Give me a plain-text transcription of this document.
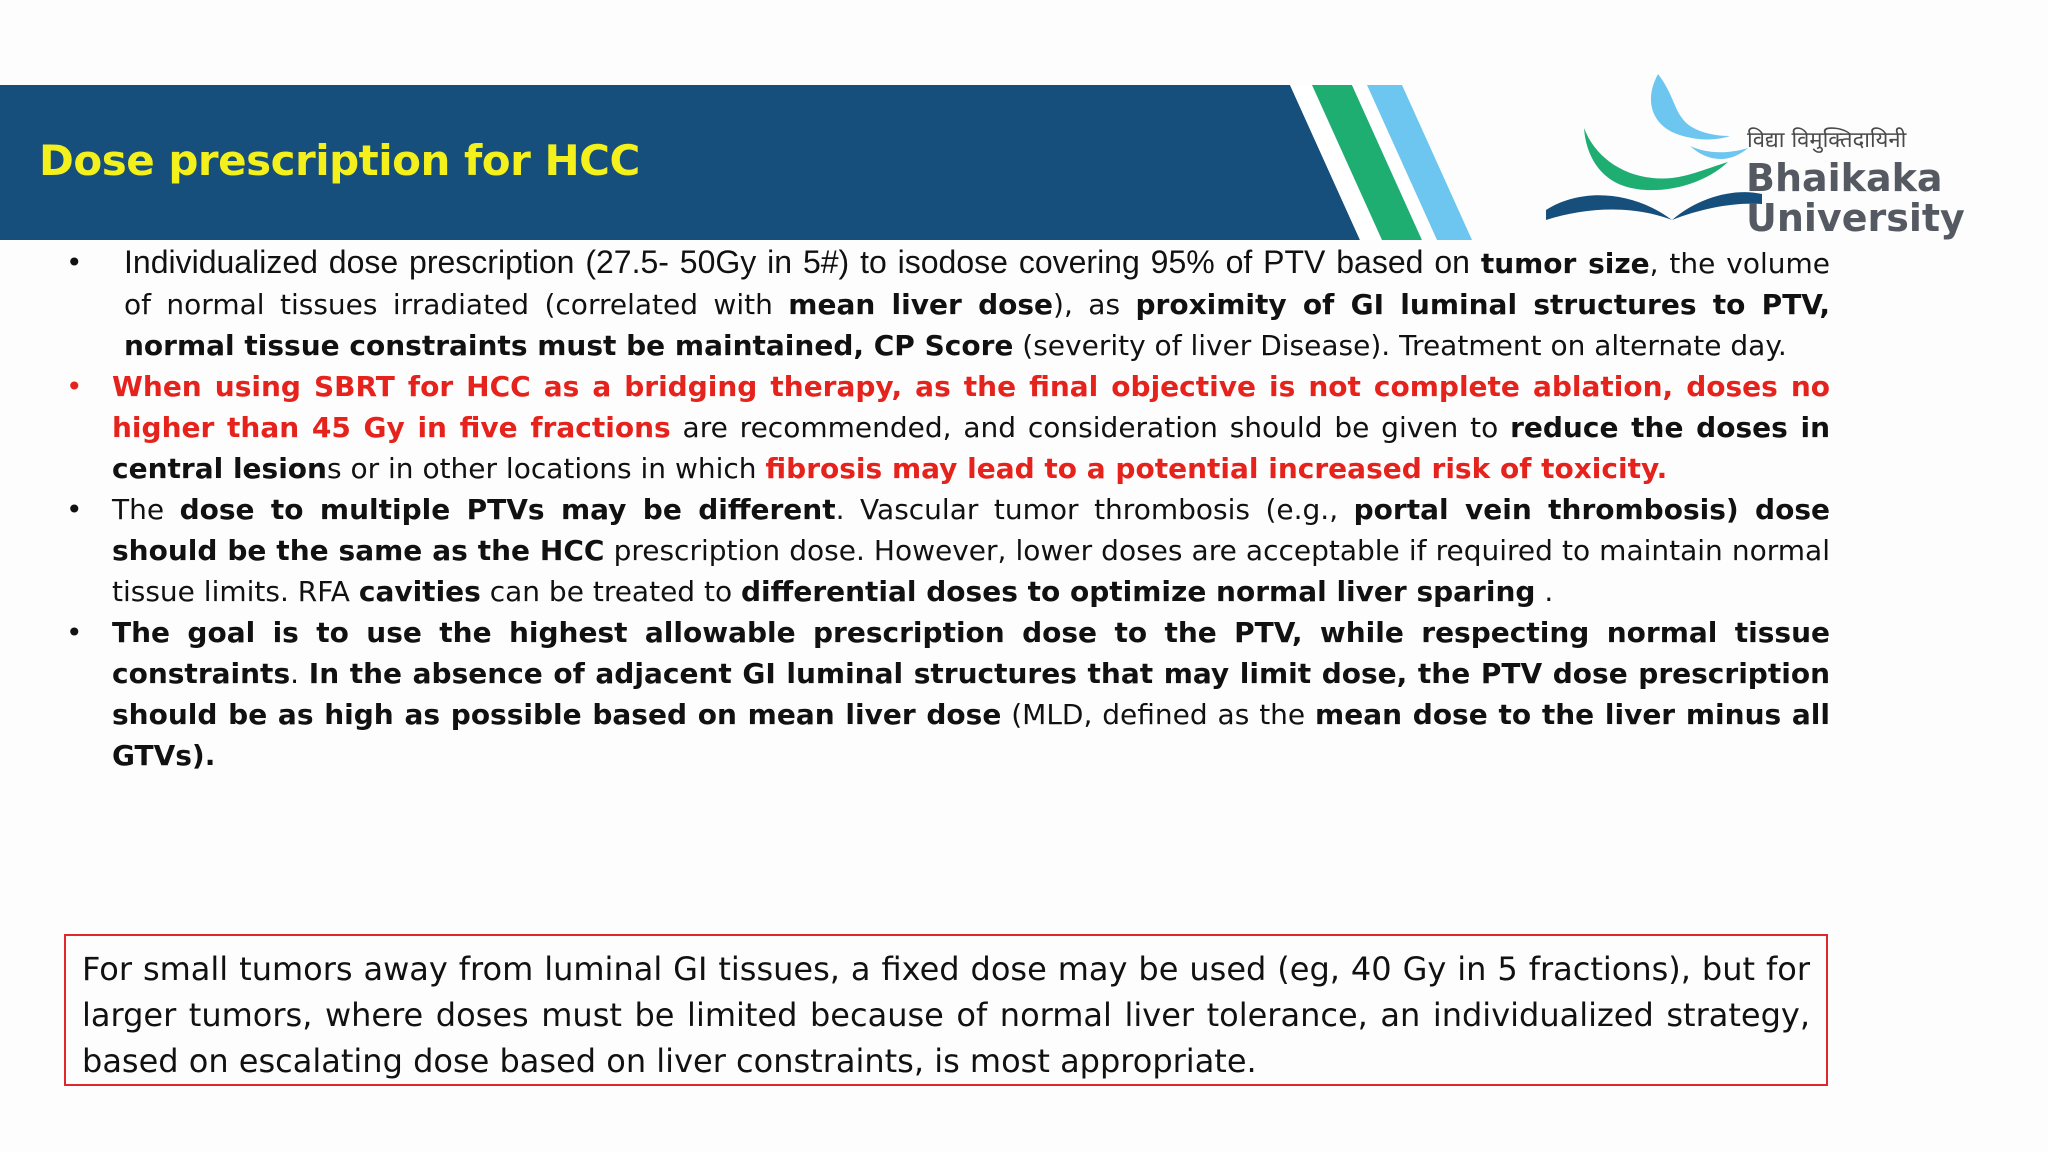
Dose prescription for HCC	विद्या विमुक्तिदायिनी
Bhaikaka
University
• Individualized dose prescription (27.5- 50Gy in 5#) to isodose covering 95% of PTV based on tumor size, the volume of normal tissues irradiated (correlated with mean liver dose), as proximity of GI luminal structures to PTV, normal tissue constraints must be maintained, CP Score (severity of liver Disease). Treatment on alternate day.
• When using SBRT for HCC as a bridging therapy, as the final objective is not complete ablation, doses no higher than 45 Gy in five fractions are recommended, and consideration should be given to reduce the doses in central lesions or in other locations in which fibrosis may lead to a potential increased risk of toxicity.
• The dose to multiple PTVs may be different. Vascular tumor thrombosis (e.g., portal vein thrombosis) dose should be the same as the HCC prescription dose. However, lower doses are acceptable if required to maintain normal tissue limits. RFA cavities can be treated to differential doses to optimize normal liver sparing .
• The goal is to use the highest allowable prescription dose to the PTV, while respecting normal tissue constraints. In the absence of adjacent GI luminal structures that may limit dose, the PTV dose prescription should be as high as possible based on mean liver dose (MLD, defined as the mean dose to the liver minus all GTVs).
For small tumors away from luminal GI tissues, a fixed dose may be used (eg, 40 Gy in 5 fractions), but for larger tumors, where doses must be limited because of normal liver tolerance, an individualized strategy, based on escalating dose based on liver constraints, is most appropriate.
